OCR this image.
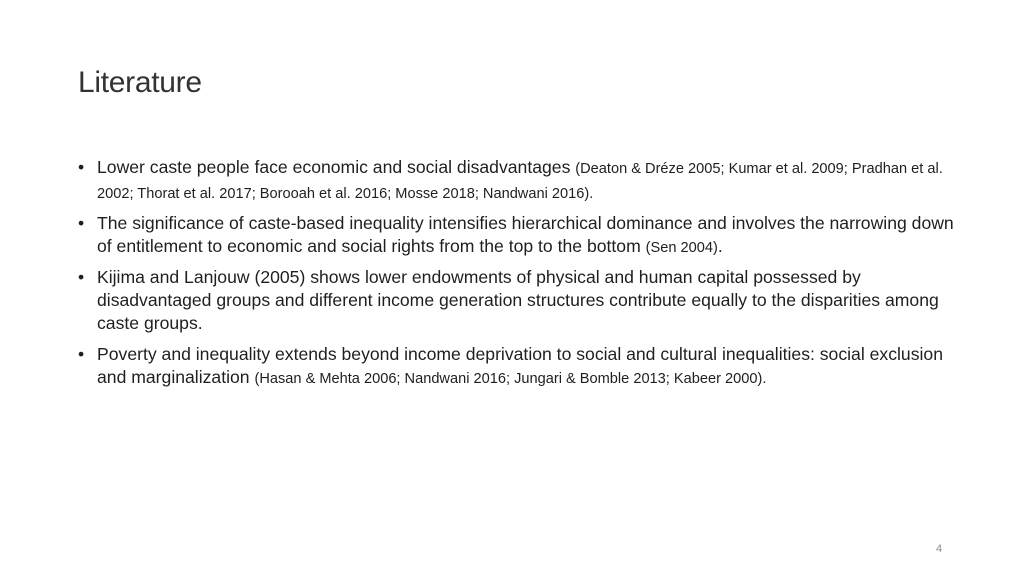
Literature
• Lower caste people face economic and social disadvantages (Deaton & Dréze 2005; Kumar et al. 2009; Pradhan et al. 2002; Thorat et al. 2017; Borooah et al. 2016; Mosse 2018; Nandwani 2016).
• The significance of caste-based inequality intensifies hierarchical dominance and involves the narrowing down of entitlement to economic and social rights from the top to the bottom (Sen 2004).
• Kijima and Lanjouw (2005) shows lower endowments of physical and human capital possessed by disadvantaged groups and different income generation structures contribute equally to the disparities among caste groups.
• Poverty and inequality extends beyond income deprivation to social and cultural inequalities: social exclusion and marginalization (Hasan & Mehta 2006; Nandwani 2016; Jungari & Bomble 2013; Kabeer 2000).
4
